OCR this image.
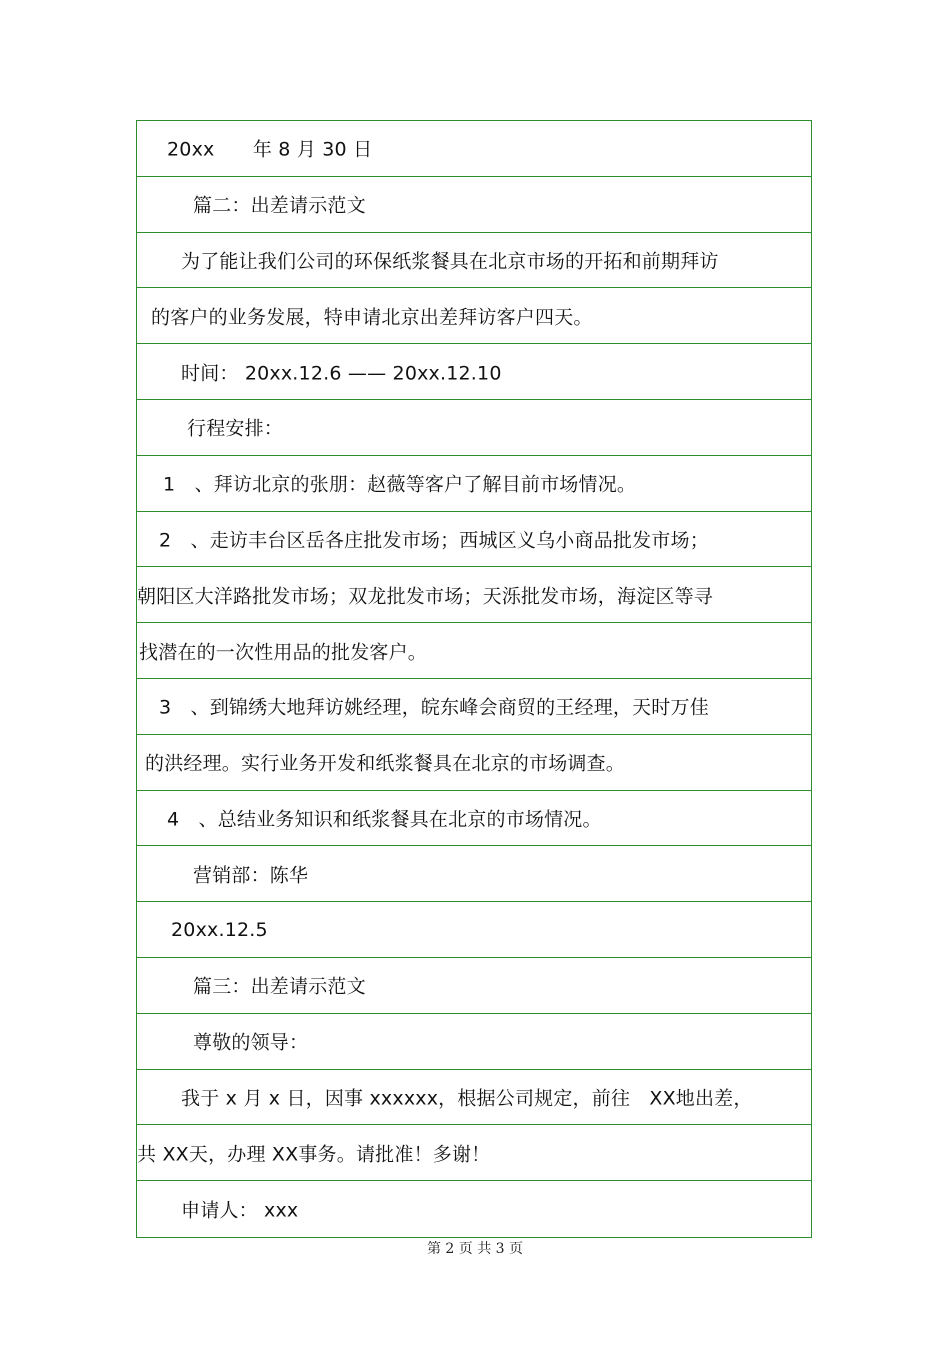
20xx　　年 8 月 30 日
篇二：出差请示范文
为了能让我们公司的环保纸浆餐具在北京市场的开拓和前期拜访
的客户的业务发展，特申请北京出差拜访客户四天。
时间： 20xx.12.6 —— 20xx.12.10
行程安排：
1　、拜访北京的张朋：赵薇等客户了解目前市场情况。
2　、走访丰台区岳各庄批发市场；西城区义乌小商品批发市场；
朝阳区大洋路批发市场；双龙批发市场；天泺批发市场，海淀区等寻
找潜在的一次性用品的批发客户。
3　、到锦绣大地拜访姚经理，皖东峰会商贸的王经理，天时万佳
的洪经理。实行业务开发和纸浆餐具在北京的市场调查。
4　、总结业务知识和纸浆餐具在北京的市场情况。
营销部：陈华
20xx.12.5
篇三：出差请示范文
尊敬的领导：
我于 x 月 x 日，因事 xxxxxx，根据公司规定，前往　XX地出差，
共 XX天，办理 XX事务。请批准！多谢！
申请人： xxx
第 2 页 共 3 页
